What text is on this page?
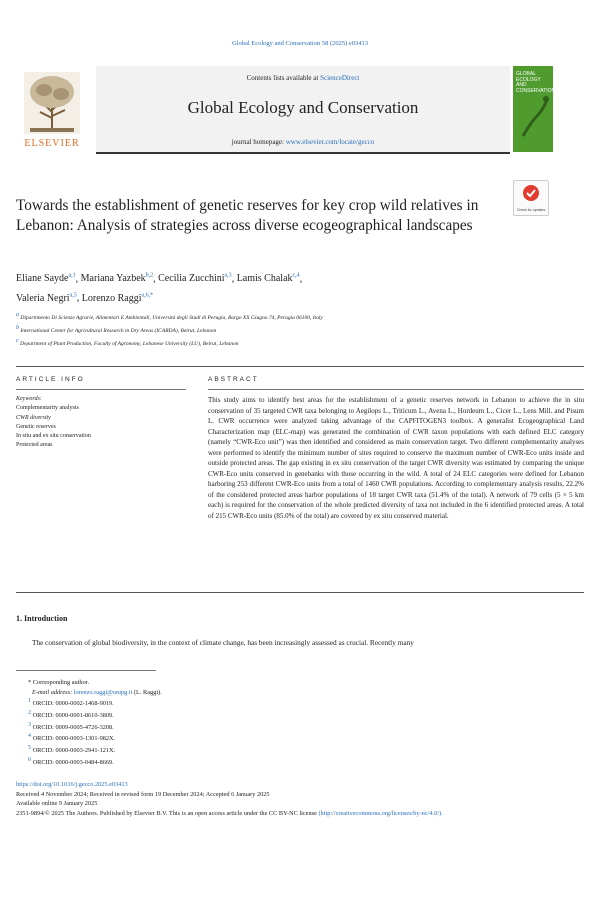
Global Ecology and Conservation 58 (2025) e03413
ELSEVIER
Contents lists available at ScienceDirect
Global Ecology and Conservation
journal homepage: www.elsevier.com/locate/gecco
GLOBAL ECOLOGY AND CONSERVATION
Check for updates
Towards the establishment of genetic reserves for key crop wild relatives in Lebanon: Analysis of strategies across diverse ecogeographical landscapes
Eliane Sayde$^{a,1}$, Mariana Yazbek$^{b,2}$, Cecilia Zucchini$^{a,3}$, Lamis Chalak$^{c,4}$,
Valeria Negri$^{a,5}$, Lorenzo Raggi$^{a,6,*}$
$^a$ Dipartimento Di Scienze Agrarie, Alimentari E Ambientali, Università degli Studi di Perugia, Borgo XX Giugno 74, Perugia 06100, Italy
$^b$ International Center for Agricultural Research in Dry Areas (ICARDA), Beirut, Lebanon
$^c$ Department of Plant Production, Faculty of Agronomy, Lebanese University (LU), Beirut, Lebanon
ARTICLE INFO
Keywords:
Complementarity analysis
CWR diversity
Genetic reserves
In situ and ex situ conservation
Protected areas
ABSTRACT
This study aims to identify best areas for the establishment of a genetic reserves network in Lebanon to achieve the in situ conservation of 35 targeted CWR taxa belonging to Aegilops L., Triticum L., Avena L., Hordeum L., Cicer L., Lens Mill. and Pisum L. CWR occurrence were analyzed taking advantage of the CAPFITOGEN3 toolbox. A generalist Ecogeographical Land Characterization map (ELC-map) was generated the combination of CWR taxon populations with each defined ELC category (namely “CWR-Eco unit”) was then identified and considered as main conservation target. Two different complementarity analyses were performed to identify the minimum number of sites required to conserve the maximum number of CWR-Eco units inside and outside protected areas. The gap existing in ex situ conservation of the target CWR diversity was estimated by comparing the unique CWR-Eco units conserved in genebanks with those occurring in the wild. A total of 24 ELC categories were defined for Lebanon harboring 253 different CWR-Eco units from a total of 1460 CWR populations. According to complementary analysis results, 22.2% of the considered protected areas harbor populations of 18 target CWR taxa (51.4% of the total). A network of 79 cells (5 × 5 km each) is required for the conservation of the whole predicted diversity of taxa not included in the 6 identified protected areas. A total of 215 CWR-Eco units (85.0% of the total) are covered by ex situ conserved material.
1. Introduction
The conservation of global biodiversity, in the context of climate change, has been increasingly assessed as crucial. Recently many
* Corresponding author.
E-mail address: lorenzo.raggi@unipg.it (L. Raggi).
$^1$ ORCID: 0000-0002-1468-9019.
$^2$ ORCID: 0000-0001-8610-3809.
$^3$ ORCID: 0009-0005-4726-3208.
$^4$ ORCID: 0000-0003-1301-982X.
$^5$ ORCID: 0000-0003-2941-121X.
$^6$ ORCID: 0000-0003-0484-8669.
https://doi.org/10.1016/j.gecco.2025.e03413
Received 4 November 2024; Received in revised form 19 December 2024; Accepted 6 January 2025
Available online 9 January 2025
2351-9894/© 2025 The Authors. Published by Elsevier B.V. This is an open access article under the CC BY-NC license (http://creativecommons.org/licenses/by-nc/4.0/).
